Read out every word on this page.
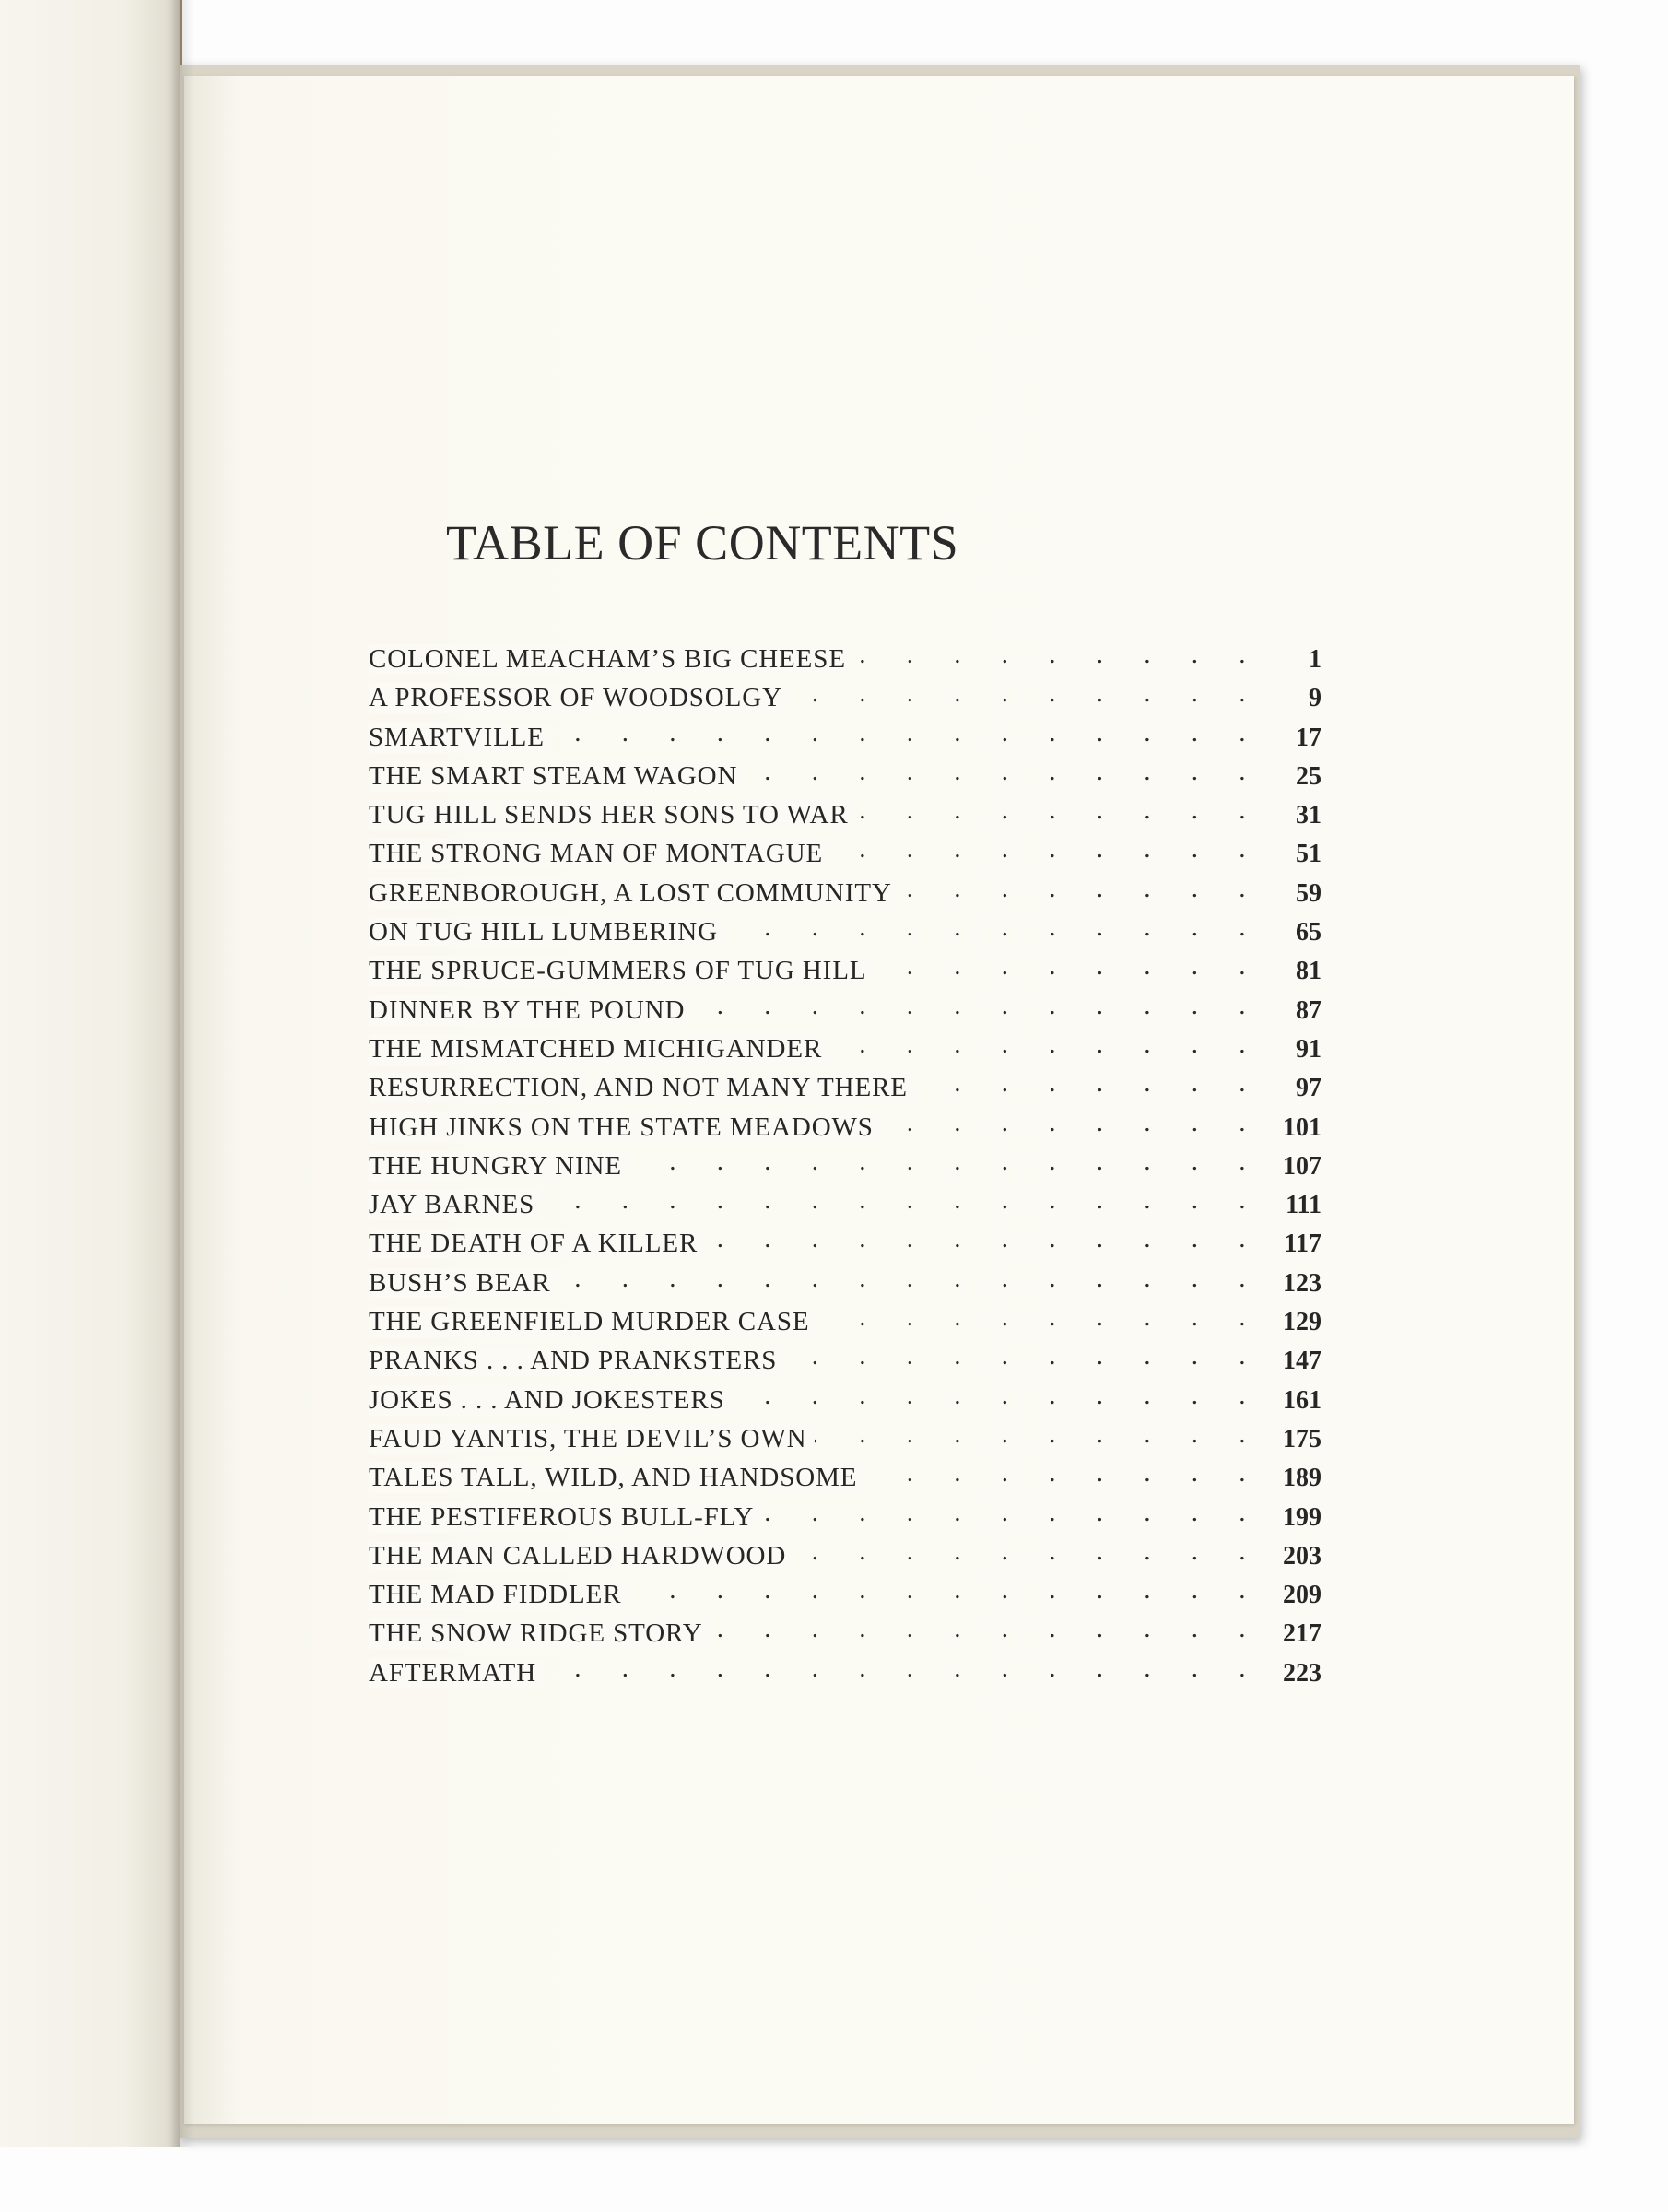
TABLE OF CONTENTS
COLONEL MEACHAM’S BIG CHEESE . . .	1
A PROFESSOR OF WOODSOLGY . . .	9
SMARTVILLE . . .	17
THE SMART STEAM WAGON . . .	25
TUG HILL SENDS HER SONS TO WAR . . .	31
THE STRONG MAN OF MONTAGUE . . .	51
GREENBOROUGH, A LOST COMMUNITY . . .	59
ON TUG HILL LUMBERING . . .	65
THE SPRUCE-GUMMERS OF TUG HILL . . .	81
DINNER BY THE POUND . . .	87
THE MISMATCHED MICHIGANDER . . .	91
RESURRECTION, AND NOT MANY THERE . . .	97
HIGH JINKS ON THE STATE MEADOWS . . .	101
THE HUNGRY NINE . . .	107
JAY BARNES . . .	111
THE DEATH OF A KILLER . . .	117
BUSH’S BEAR . . .	123
THE GREENFIELD MURDER CASE . . .	129
PRANKS . . . AND PRANKSTERS . . .	147
JOKES . . . AND JOKESTERS . . .	161
FAUD YANTIS, THE DEVIL’S OWN . . .	175
TALES TALL, WILD, AND HANDSOME . . .	189
THE PESTIFEROUS BULL-FLY . . .	199
THE MAN CALLED HARDWOOD . . .	203
THE MAD FIDDLER . . .	209
THE SNOW RIDGE STORY . . .	217
AFTERMATH . . .	223
